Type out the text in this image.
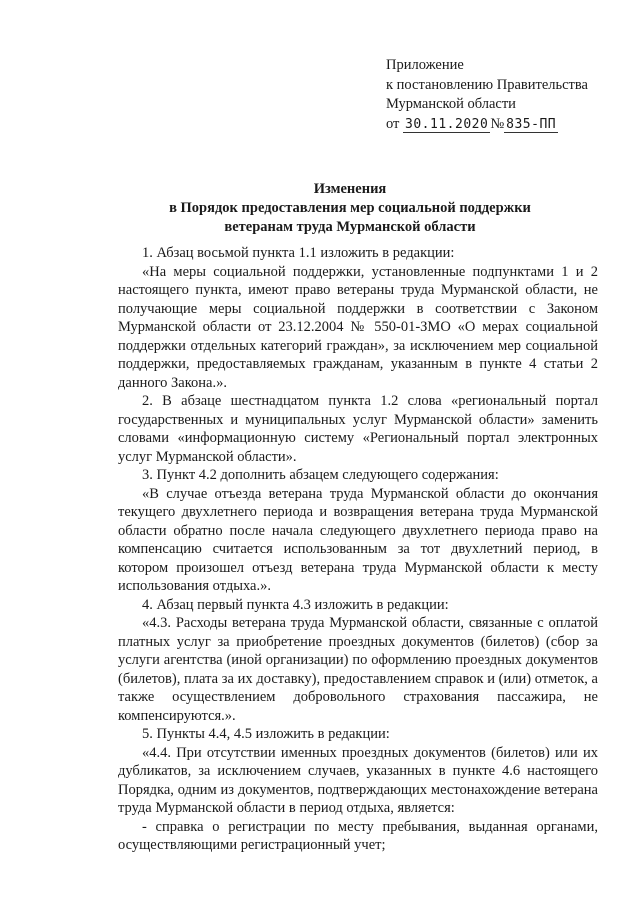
Приложение
к постановлению Правительства
Мурманской области
от 30.11.2020 № 835-ПП
Изменения
в Порядок предоставления мер социальной поддержки
ветеранам труда Мурманской области

1. Абзац восьмой пункта 1.1 изложить в редакции:

«На меры социальной поддержки, установленные подпунктами 1 и 2 настоящего пункта, имеют право ветераны труда Мурманской области, не получающие меры социальной поддержки в соответствии с Законом Мурманской области от 23.12.2004 № 550-01-ЗМО «О мерах социальной поддержки отдельных категорий граждан», за исключением мер социальной поддержки, предоставляемых гражданам, указанным в пункте 4 статьи 2 данного Закона.».

2. В абзаце шестнадцатом пункта 1.2 слова «региональный портал государственных и муниципальных услуг Мурманской области» заменить словами «информационную систему «Региональный портал электронных услуг Мурманской области».

3. Пункт 4.2 дополнить абзацем следующего содержания:

«В случае отъезда ветерана труда Мурманской области до окончания текущего двухлетнего периода и возвращения ветерана труда Мурманской области обратно после начала следующего двухлетнего периода право на компенсацию считается использованным за тот двухлетний период, в котором произошел отъезд ветерана труда Мурманской области к месту использования отдыха.».

4. Абзац первый пункта 4.3 изложить в редакции:

«4.3. Расходы ветерана труда Мурманской области, связанные с оплатой платных услуг за приобретение проездных документов (билетов) (сбор за услуги агентства (иной организации) по оформлению проездных документов (билетов), плата за их доставку), предоставлением справок и (или) отметок, а также осуществлением добровольного страхования пассажира, не компенсируются.».

5. Пункты 4.4, 4.5 изложить в редакции:

«4.4. При отсутствии именных проездных документов (билетов) или их дубликатов, за исключением случаев, указанных в пункте 4.6 настоящего Порядка, одним из документов, подтверждающих местонахождение ветерана труда Мурманской области в период отдыха, является:

- справка о регистрации по месту пребывания, выданная органами, осуществляющими регистрационный учет;
